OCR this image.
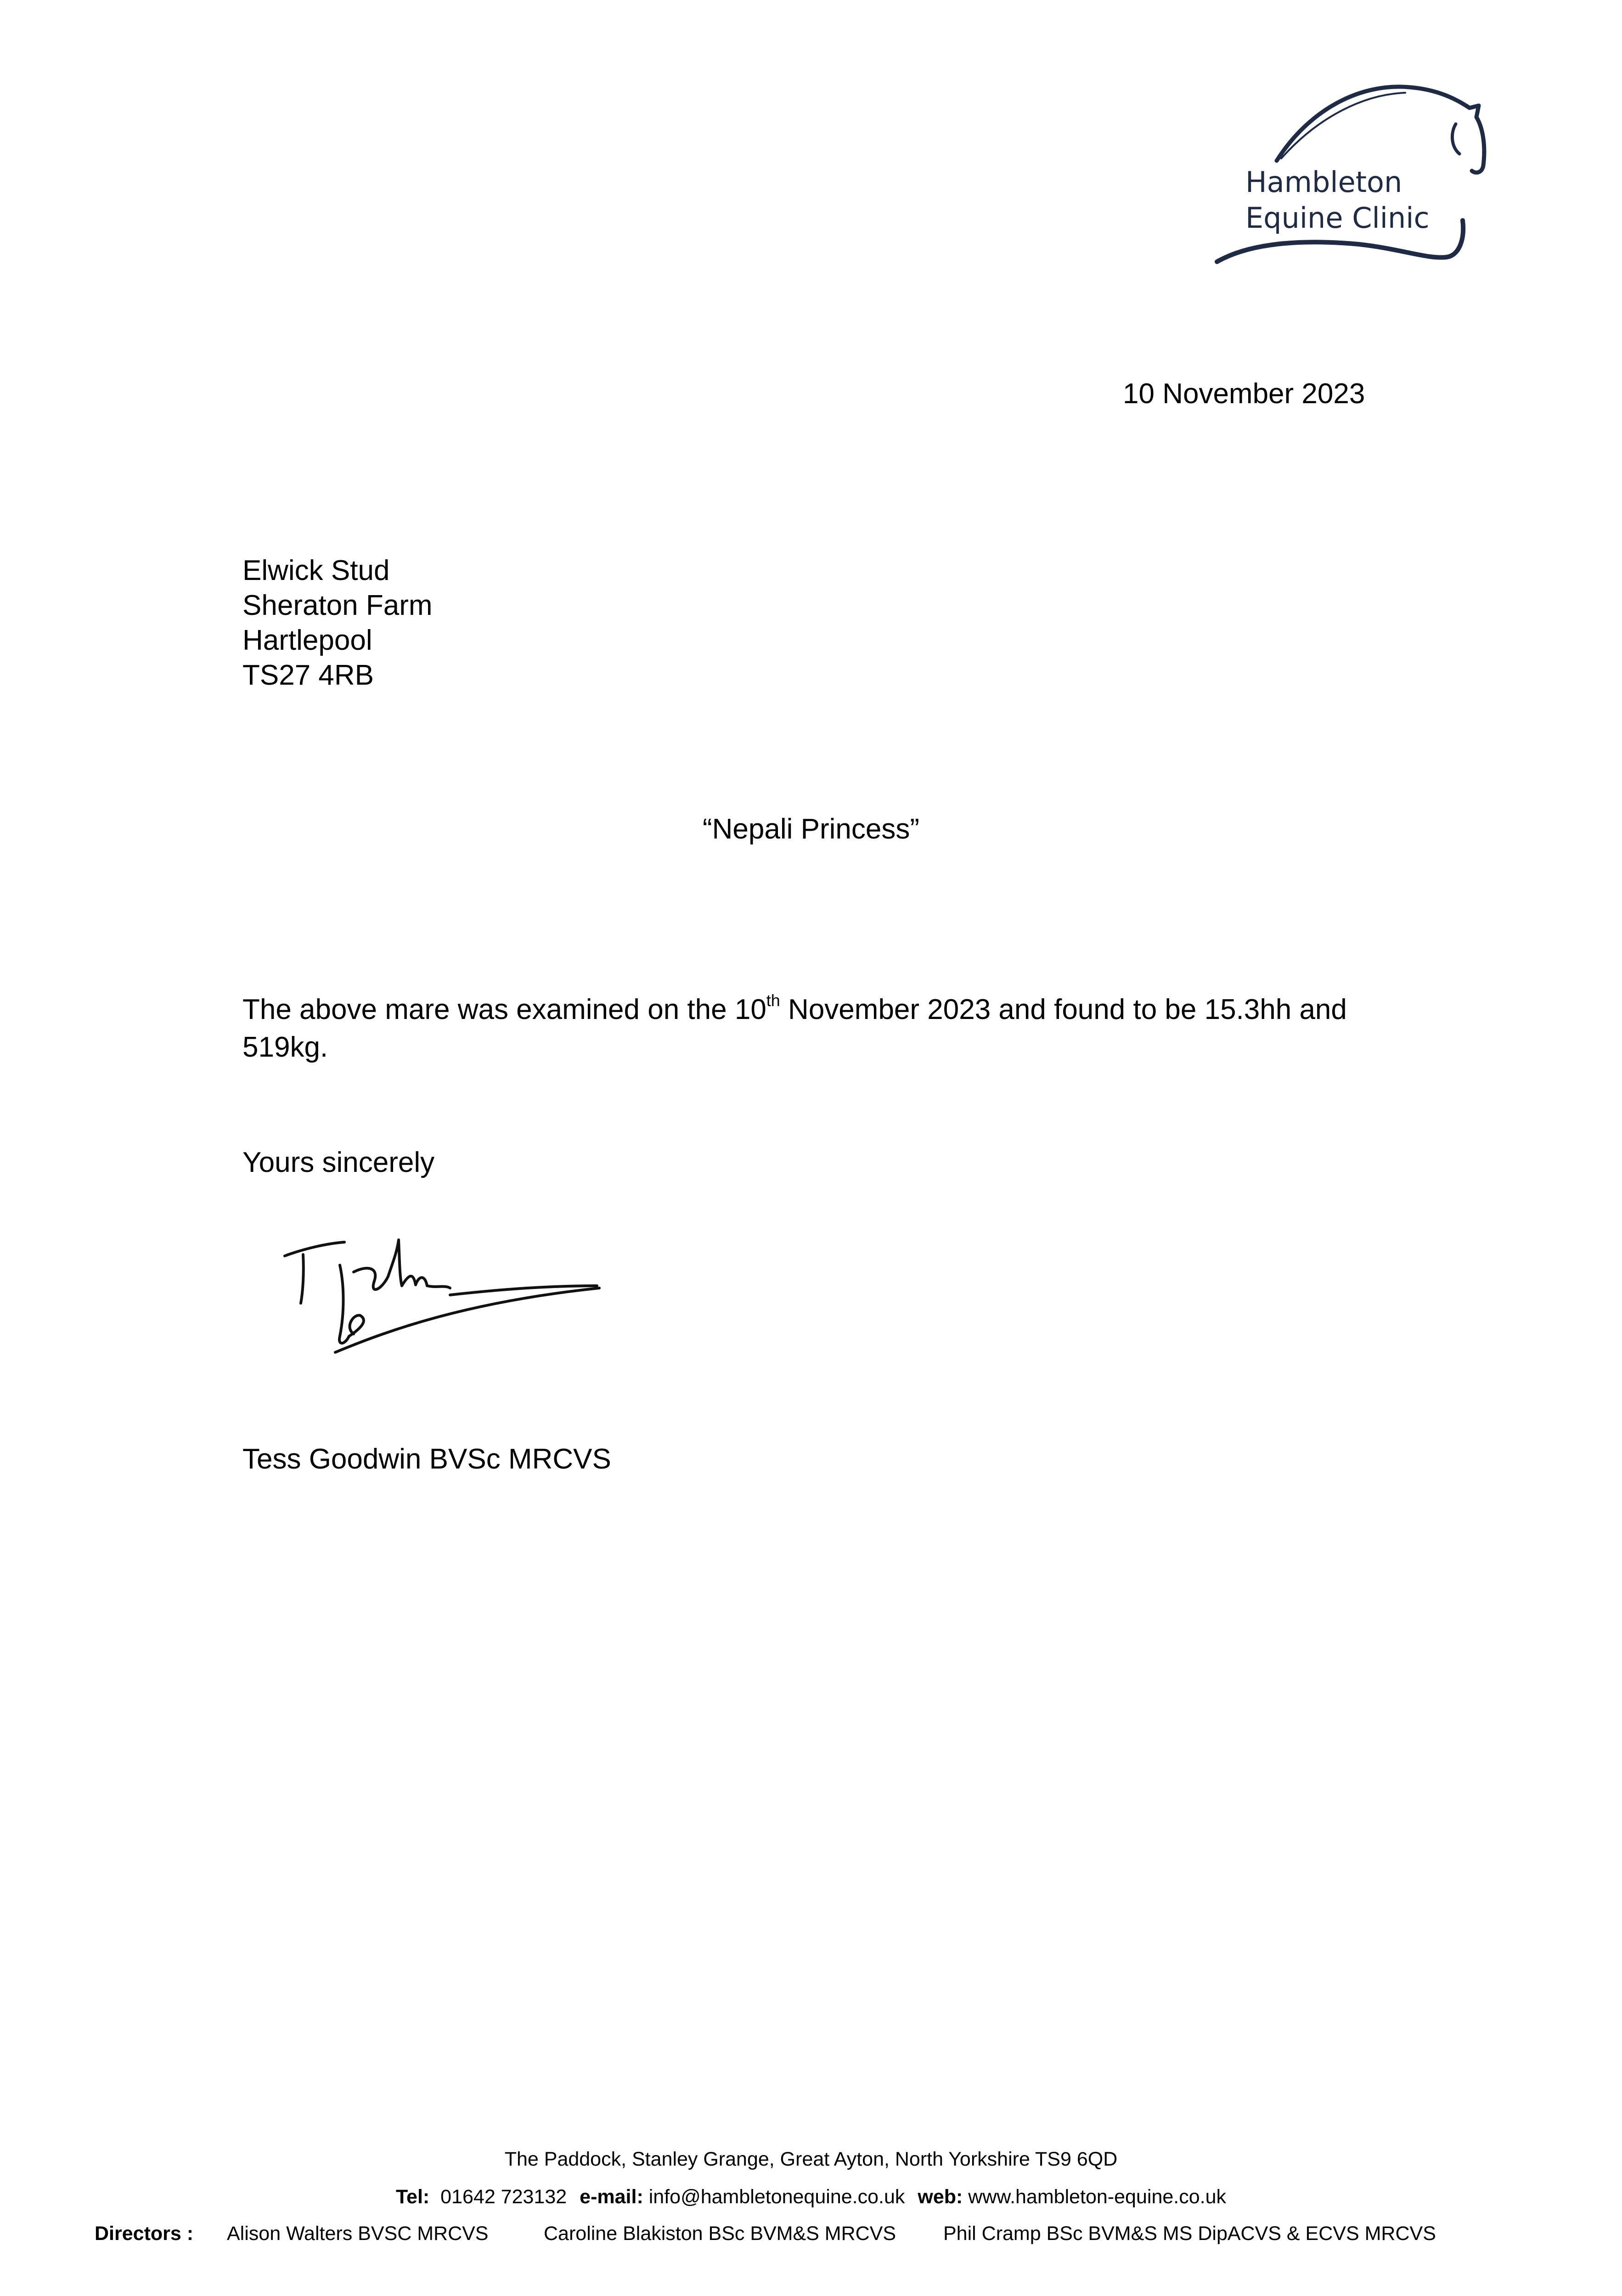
Hambleton
Equine Clinic
10 November 2023
Elwick Stud
Sheraton Farm
Hartlepool
TS27 4RB
“Nepali Princess”
The above mare was examined on the 10th November 2023 and found to be 15.3hh and 519kg.
Yours sincerely
Tess Goodwin BVSc MRCVS
The Paddock, Stanley Grange, Great Ayton, North Yorkshire TS9 6QD
Tel: 01642 723132 e-mail: info@hambletonequine.co.uk web: www.hambleton-equine.co.uk
Directors : Alison Walters BVSC MRCVS	Caroline Blakiston BSc BVM&S MRCVS Phil Cramp BSc BVM&S MS DipACVS & ECVS MRCVS
